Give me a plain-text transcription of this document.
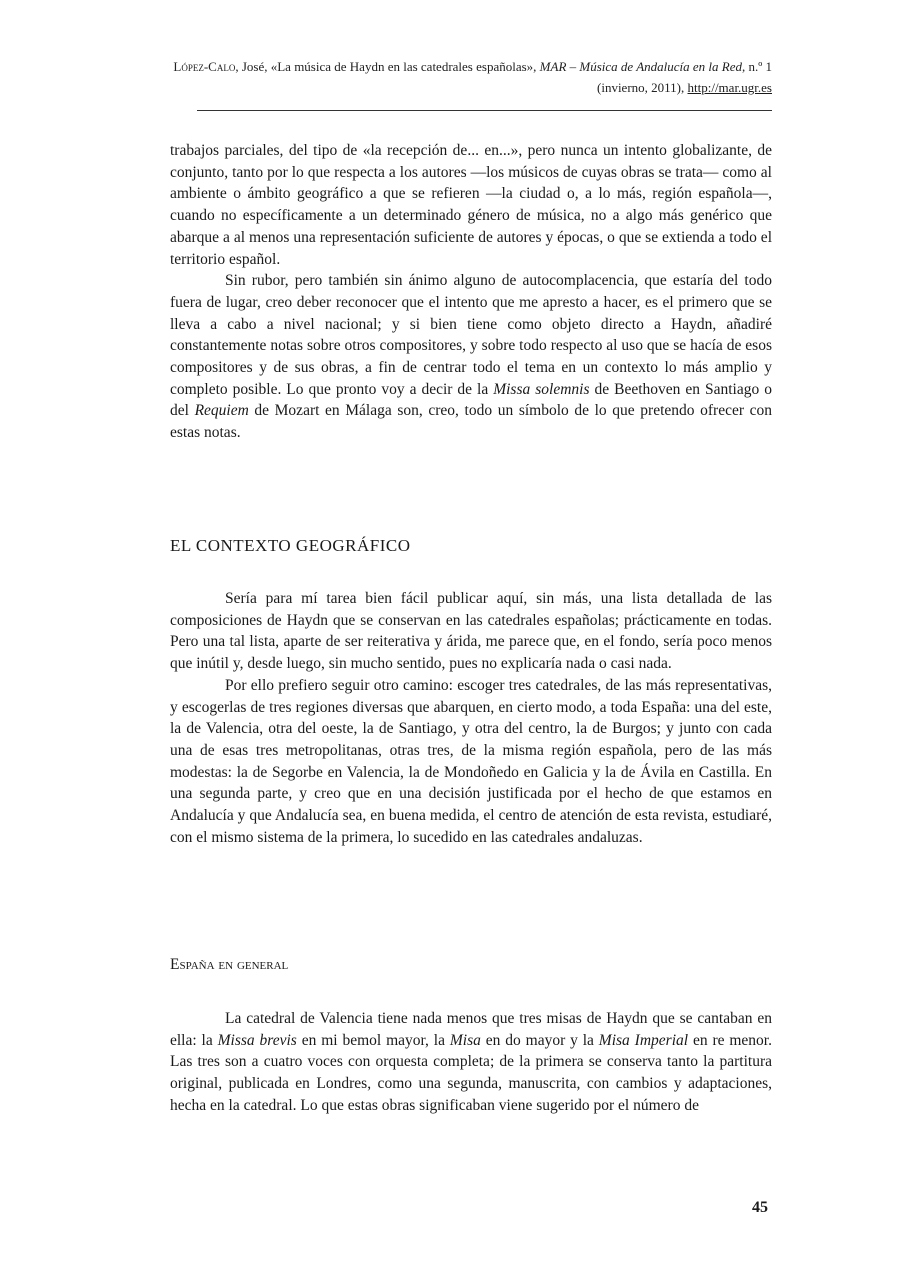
López-Calo, José, «La música de Haydn en las catedrales españolas», MAR – Música de Andalucía en la Red, n.º 1 (invierno, 2011), http://mar.ugr.es

trabajos parciales, del tipo de «la recepción de... en...», pero nunca un intento globalizante, de conjunto, tanto por lo que respecta a los autores —los músicos de cuyas obras se trata— como al ambiente o ámbito geográfico a que se refieren —la ciudad o, a lo más, región española—, cuando no específicamente a un determinado género de música, no a algo más genérico que abarque a al menos una representación suficiente de autores y épocas, o que se extienda a todo el territorio español.

Sin rubor, pero también sin ánimo alguno de autocomplacencia, que estaría del todo fuera de lugar, creo deber reconocer que el intento que me apresto a hacer, es el primero que se lleva a cabo a nivel nacional; y si bien tiene como objeto directo a Haydn, añadiré constantemente notas sobre otros compositores, y sobre todo respecto al uso que se hacía de esos compositores y de sus obras, a fin de centrar todo el tema en un contexto lo más amplio y completo posible. Lo que pronto voy a decir de la Missa solemnis de Beethoven en Santiago o del Requiem de Mozart en Málaga son, creo, todo un símbolo de lo que pretendo ofrecer con estas notas.

EL CONTEXTO GEOGRÁFICO

Sería para mí tarea bien fácil publicar aquí, sin más, una lista detallada de las composiciones de Haydn que se conservan en las catedrales españolas; prácticamente en todas. Pero una tal lista, aparte de ser reiterativa y árida, me parece que, en el fondo, sería poco menos que inútil y, desde luego, sin mucho sentido, pues no explicaría nada o casi nada.

Por ello prefiero seguir otro camino: escoger tres catedrales, de las más representativas, y escogerlas de tres regiones diversas que abarquen, en cierto modo, a toda España: una del este, la de Valencia, otra del oeste, la de Santiago, y otra del centro, la de Burgos; y junto con cada una de esas tres metropolitanas, otras tres, de la misma región española, pero de las más modestas: la de Segorbe en Valencia, la de Mondoñedo en Galicia y la de Ávila en Castilla. En una segunda parte, y creo que en una decisión justificada por el hecho de que estamos en Andalucía y que Andalucía sea, en buena medida, el centro de atención de esta revista, estudiaré, con el mismo sistema de la primera, lo sucedido en las catedrales andaluzas.

España en general

La catedral de Valencia tiene nada menos que tres misas de Haydn que se cantaban en ella: la Missa brevis en mi bemol mayor, la Misa en do mayor y la Misa Imperial en re menor. Las tres son a cuatro voces con orquesta completa; de la primera se conserva tanto la partitura original, publicada en Londres, como una segunda, manuscrita, con cambios y adaptaciones, hecha en la catedral. Lo que estas obras significaban viene sugerido por el número de

45
